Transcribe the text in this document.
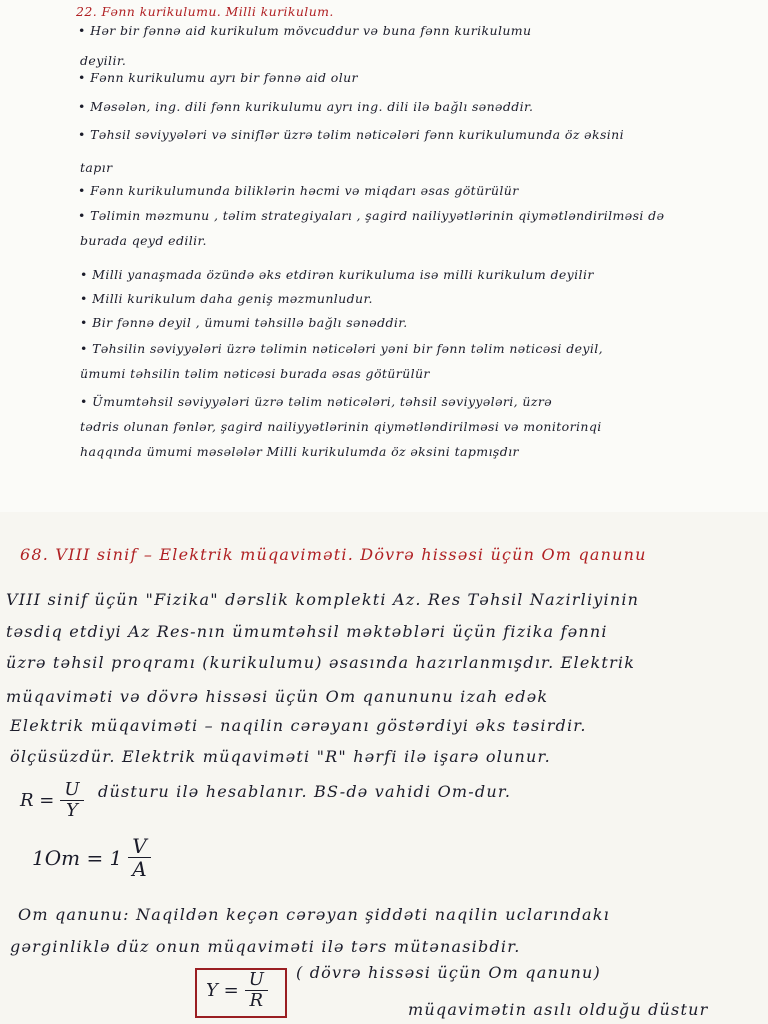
22. Fənn kurikulumu. Milli kurikulum.

• Hər bir fənnə aid kurikulum mövcuddur və buna fənn kurikulumu

deyilir.

• Fənn kurikulumu ayrı bir fənnə aid olur

• Məsələn, ing. dili fənn kurikulumu ayrı ing. dili ilə bağlı sənəddir.

• Təhsil səviyyələri və siniflər üzrə təlim nəticələri fənn kurikulumunda öz əksini

tapır

• Fənn kurikulumunda biliklərin həcmi və miqdarı əsas götürülür

• Təlimin məzmunu , təlim strategiyaları , şagird nailiyyətlərinin qiymətləndirilməsi də

burada qeyd edilir.

• Milli yanaşmada özündə əks etdirən kurikuluma isə milli kurikulum deyilir

• Milli kurikulum daha geniş məzmunludur.

• Bir fənnə deyil , ümumi təhsillə bağlı sənəddir.

• Təhsilin səviyyələri üzrə təlimin nəticələri yəni bir fənn təlim nəticəsi deyil,

ümumi təhsilin təlim nəticəsi burada əsas götürülür

• Ümumtəhsil səviyyələri üzrə təlim nəticələri, təhsil səviyyələri, üzrə

tədris olunan fənlər, şagird nailiyyətlərinin qiymətləndirilməsi və monitorinqi

haqqında ümumi məsələlər Milli kurikulumda öz əksini tapmışdır

68. VIII sinif – Elektrik müqaviməti. Dövrə hissəsi üçün Om qanunu

VIII sinif üçün "Fizika" dərslik komplekti Az. Res Təhsil Nazirliyinin

təsdiq etdiyi Az Res-nın ümumtəhsil məktəbləri üçün fizika fənni

üzrə təhsil proqramı (kurikulumu) əsasında hazırlanmışdır. Elektrik

müqaviməti və dövrə hissəsi üçün Om qanununu izah edək

Elektrik müqaviməti – naqilin cərəyanı göstərdiyi əks təsirdir.

ölçüsüzdür. Elektrik müqaviməti "R" hərfi ilə işarə olunur.

düsturu ilə hesablanır. BS-də vahidi Om-dur.

$R = \frac{U}{Y}$
$1Om = 1 \frac{V}{A}$

Om qanunu: Naqildən keçən cərəyan şiddəti naqilin uclarındakı

gərginliklə düz onun müqaviməti ilə tərs mütənasibdir.

$Y = \frac{U}{R}$ ( dövrə hissəsi üçün Om qanunu)

müqavimətin asılı olduğu düstur
